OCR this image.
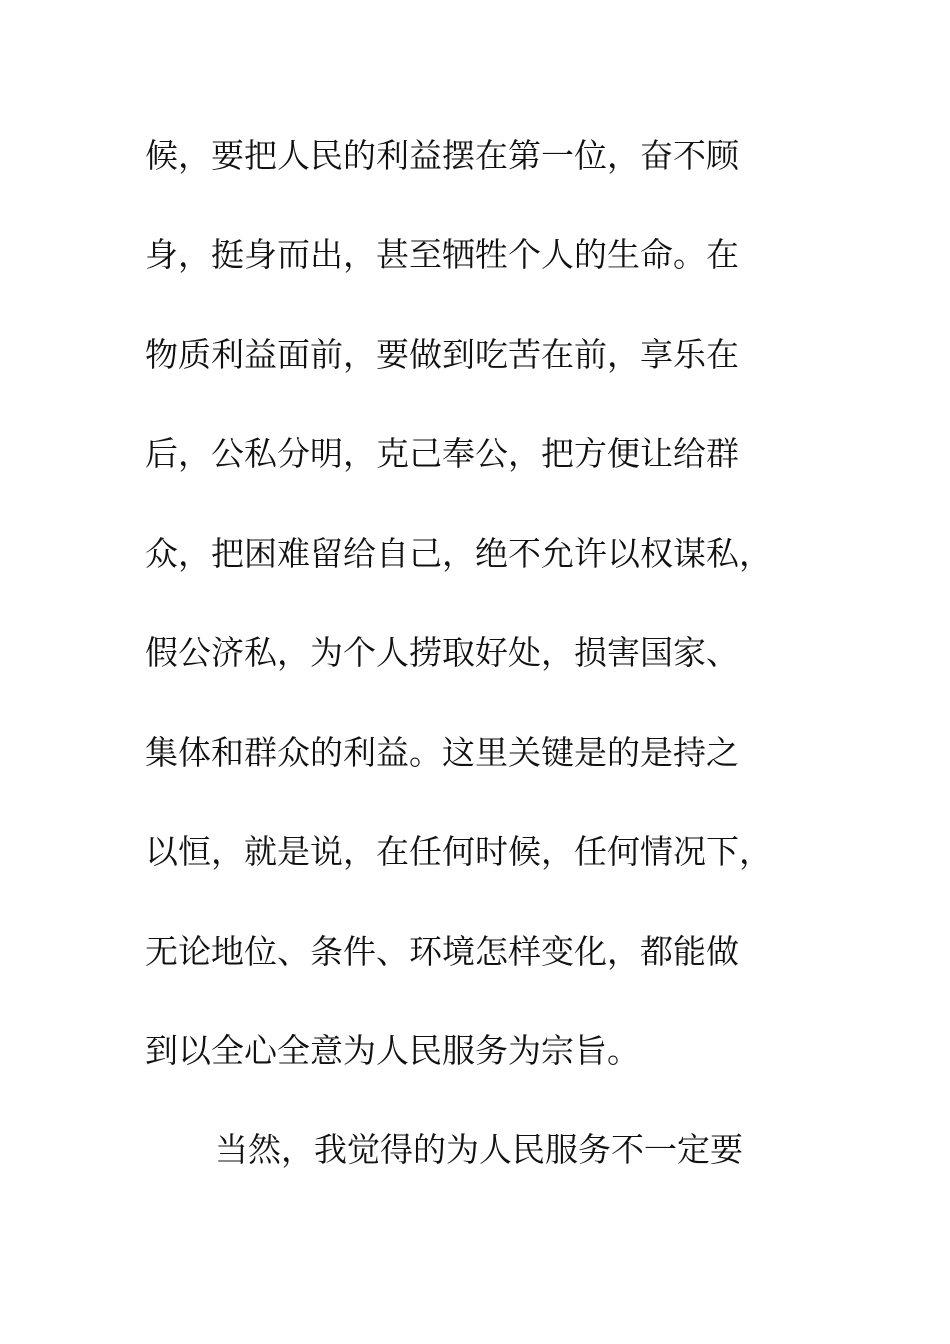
候，要把人民的利益摆在第一位，奋不顾
身，挺身而出，甚至牺牲个人的生命。在
物质利益面前，要做到吃苦在前，享乐在
后，公私分明，克己奉公，把方便让给群
众，把困难留给自己，绝不允许以权谋私，
假公济私，为个人捞取好处，损害国家、
集体和群众的利益。这里关键是的是持之
以恒，就是说，在任何时候，任何情况下，
无论地位、条件、环境怎样变化，都能做
到以全心全意为人民服务为宗旨。
当然，我觉得的为人民服务不一定要
